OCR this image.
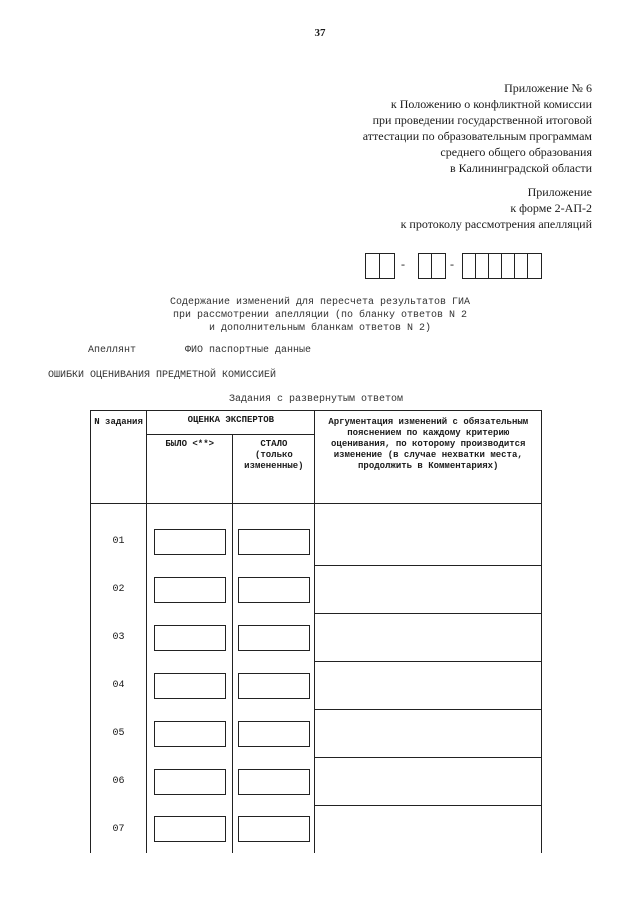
37
Приложение № 6
к Положению о конфликтной комиссии
при проведении государственной итоговой
аттестации по образовательным программам
среднего общего образования
в Калининградской области
Приложение
к форме 2-АП-2
к протоколу рассмотрения апелляций
-	-
Содержание изменений для пересчета результатов ГИА
при рассмотрении апелляции (по бланку ответов N 2
и дополнительным бланкам ответов N 2)
Апеллянт	ФИО паспортные данные
ОШИБКИ ОЦЕНИВАНИЯ ПРЕДМЕТНОЙ КОМИССИЕЙ
Задания с развернутым ответом
N задания	ОЦЕНКА ЭКСПЕРТОВ		Аргументация изменений с обязательным пояснением по каждому критерию оценивания, по которому производится изменение (в случае нехватки места, продолжить в Комментариях)
	БЫЛО <**>	СТАЛО (только измененные)	

01	

02	

03	

04	

05	

06	

07	
